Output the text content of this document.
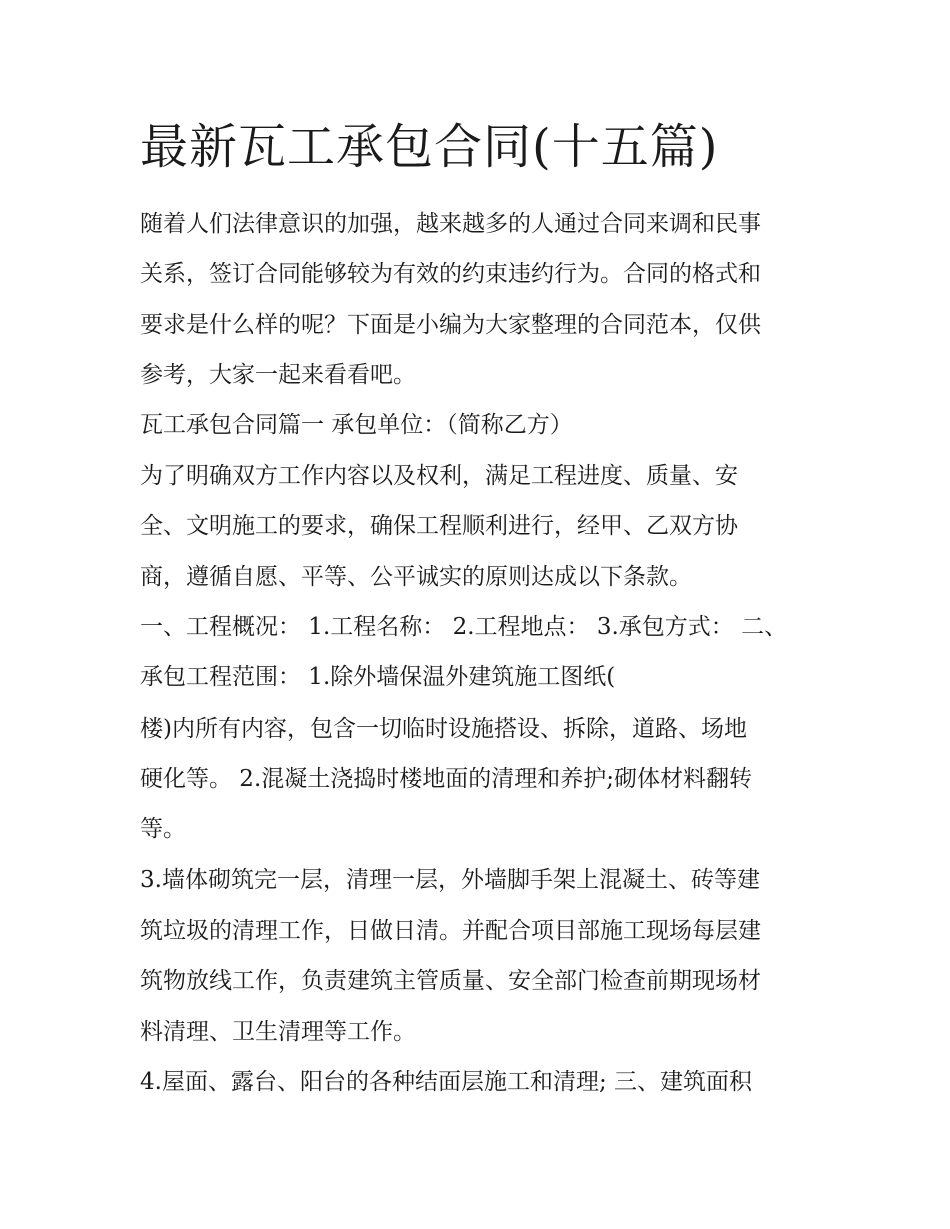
最新瓦工承包合同(十五篇)

随着人们法律意识的加强，越来越多的人通过合同来调和民事

关系，签订合同能够较为有效的约束违约行为。合同的格式和

要求是什么样的呢？下面是小编为大家整理的合同范本，仅供

参考，大家一起来看看吧。

瓦工承包合同篇一 承包单位：（简称乙方）

为了明确双方工作内容以及权利，满足工程进度、质量、安

全、文明施工的要求，确保工程顺利进行，经甲、乙双方协

商，遵循自愿、平等、公平诚实的原则达成以下条款。

一、工程概况： 1.工程名称： 2.工程地点： 3.承包方式： 二、

承包工程范围： 1.除外墙保温外建筑施工图纸(

楼)内所有内容，包含一切临时设施搭设、拆除，道路、场地

硬化等。 2.混凝土浇捣时楼地面的清理和养护;砌体材料翻转

等。

3.墙体砌筑完一层，清理一层，外墙脚手架上混凝土、砖等建

筑垃圾的清理工作，日做日清。并配合项目部施工现场每层建

筑物放线工作，负责建筑主管质量、安全部门检查前期现场材

料清理、卫生清理等工作。

4.屋面、露台、阳台的各种结面层施工和清理; 三、建筑面积
